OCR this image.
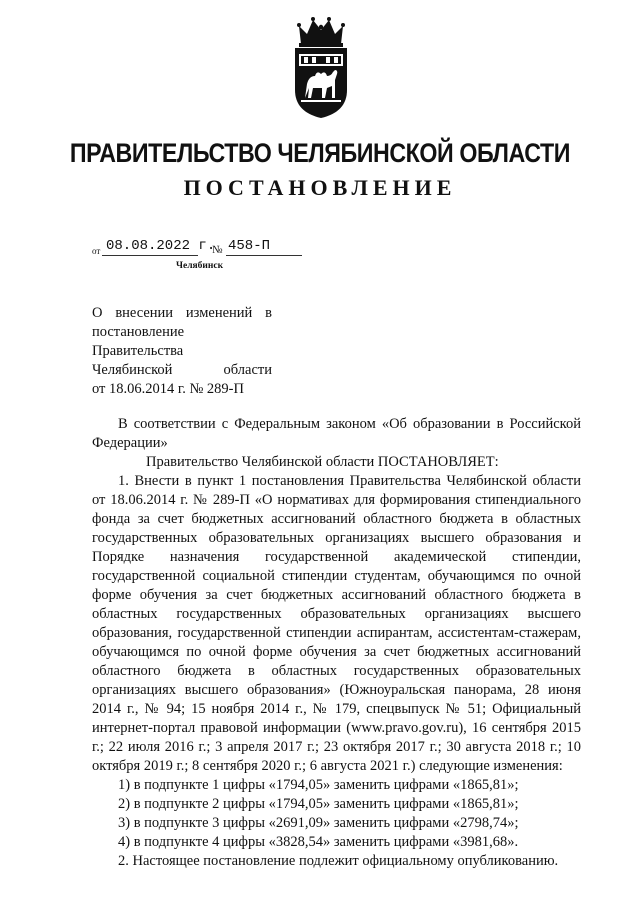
ПРАВИТЕЛЬСТВО ЧЕЛЯБИНСКОЙ ОБЛАСТИ
ПОСТАНОВЛЕНИЕ
от 08.08.2022 г.
№ 458-П
Челябинск
О внесении изменений в
постановление Правительства
Челябинской области
от 18.06.2014 г. № 289-П

В соответствии с Федеральным законом «Об образовании в Российской Федерации»

Правительство Челябинской области ПОСТАНОВЛЯЕТ:

1. Внести в пункт 1 постановления Правительства Челябинской области от 18.06.2014 г. № 289-П «О нормативах для формирования стипендиального фонда за счет бюджетных ассигнований областного бюджета в областных государственных образовательных организациях высшего образования и Порядке назначения государственной академической стипендии, государственной социальной стипендии студентам, обучающимся по очной форме обучения за счет бюджетных ассигнований областного бюджета в областных государственных образовательных организациях высшего образования, государственной стипендии аспирантам, ассистентам-стажерам, обучающимся по очной форме обучения за счет бюджетных ассигнований областного бюджета в областных государственных образовательных организациях высшего образования» (Южноуральская панорама, 28 июня 2014 г., № 94; 15 ноября 2014 г., № 179, спецвыпуск № 51; Официальный интернет-портал правовой информации (www.pravo.gov.ru), 16 сентября 2015 г.; 22 июля 2016 г.; 3 апреля 2017 г.; 23 октября 2017 г.; 30 августа 2018 г.; 10 октября 2019 г.; 8 сентября 2020 г.; 6 августа 2021 г.) следующие изменения:

1) в подпункте 1 цифры «1794,05» заменить цифрами «1865,81»;

2) в подпункте 2 цифры «1794,05» заменить цифрами «1865,81»;

3) в подпункте 3 цифры «2691,09» заменить цифрами «2798,74»;

4) в подпункте 4 цифры «3828,54» заменить цифрами «3981,68».

2. Настоящее постановление подлежит официальному опубликованию.
